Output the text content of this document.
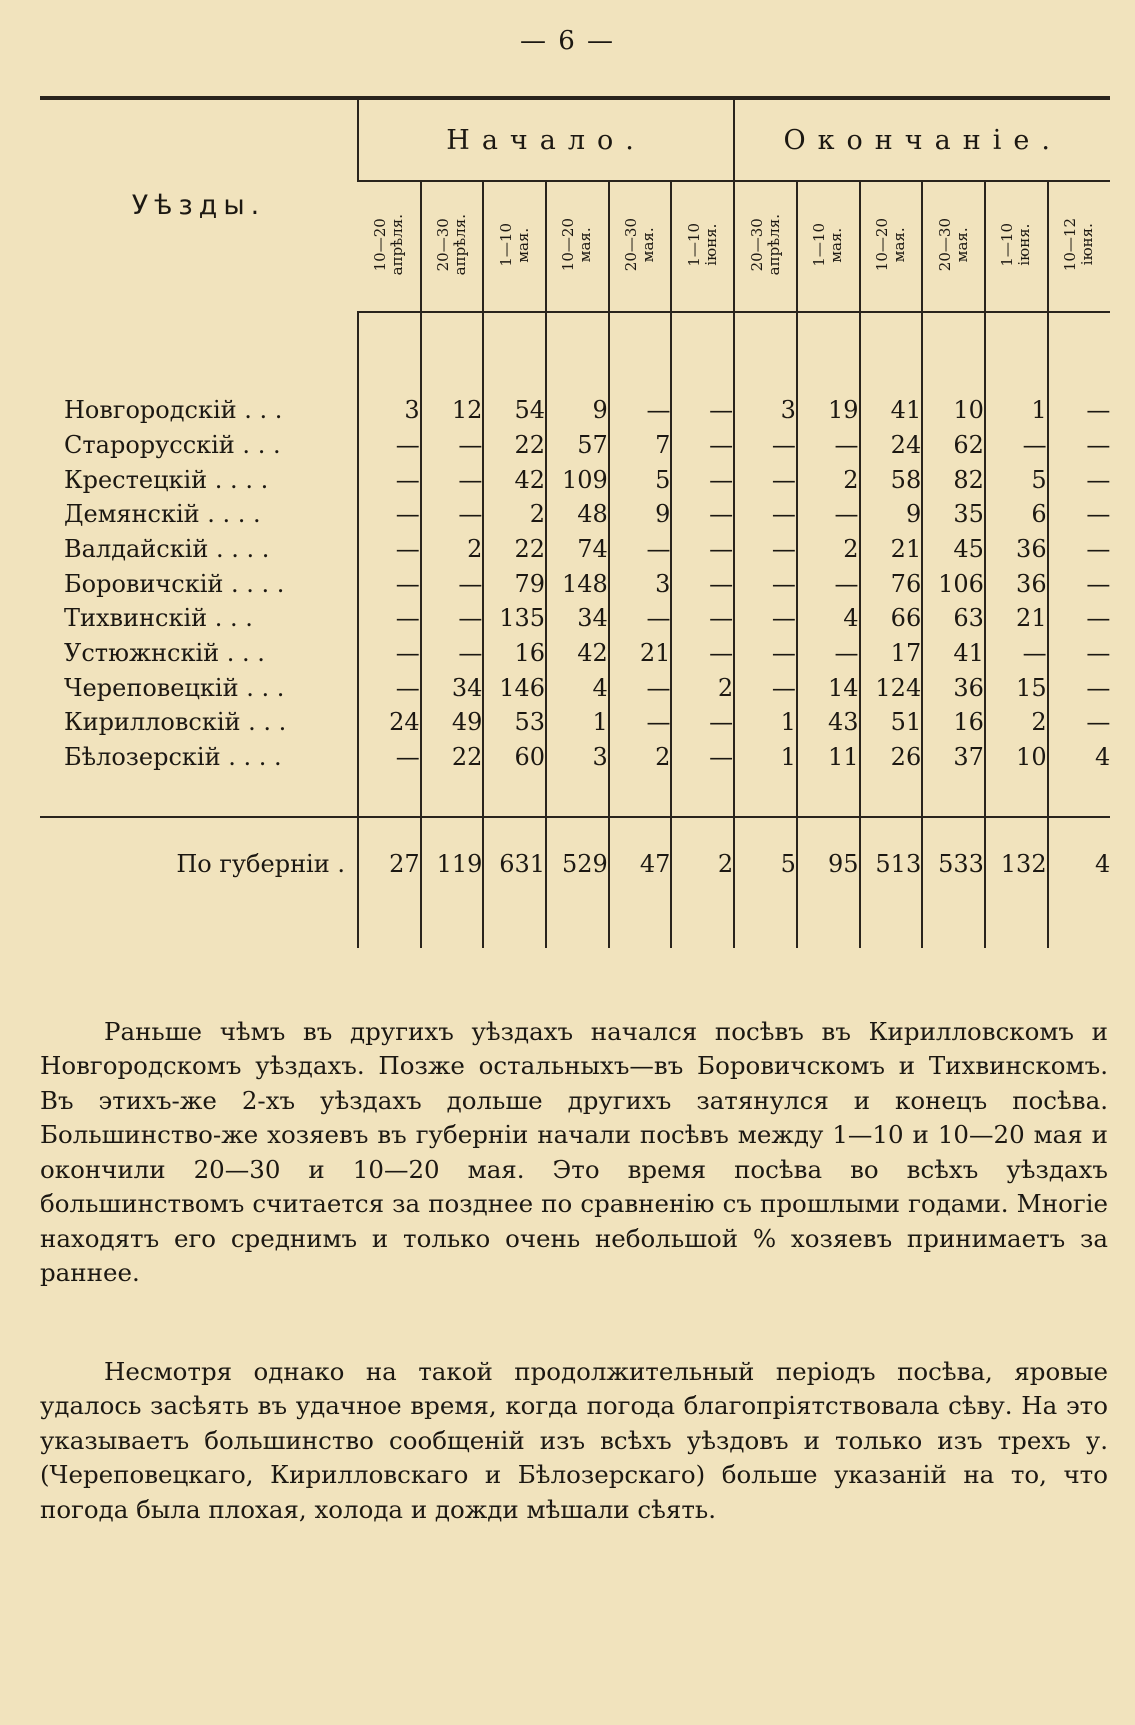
— 6 —
Уѣзды.	Начало.						Окончанiе.					
	10—20
апрѣля.	20—30
апрѣля.	1—10
мая.	10—20
мая.	20—30
мая.	1—10
iюня.	20—30
апрѣля.	1—10
мая.	10—20
мая.	20—30
мая.	1—10
iюня.	10—12
iюня.

Новгородскiй . . .	3	12	54	9	—	—	3	19	41	10	1	—
Старорусскiй . . .	—	—	22	57	7	—	—	—	24	62	—	—
Крестецкiй . . . .	—	—	42	109	5	—	—	2	58	82	5	—
Демянскiй . . . .	—	—	2	48	9	—	—	—	9	35	6	—
Валдайскiй . . . .	—	2	22	74	—	—	—	2	21	45	36	—
Боровичскiй . . . .	—	—	79	148	3	—	—	—	76	106	36	—
Тихвинскiй . . .	—	—	135	34	—	—	—	4	66	63	21	—
Устюжнскiй . . .	—	—	16	42	21	—	—	—	17	41	—	—
Череповецкiй . . .	—	34	146	4	—	2	—	14	124	36	15	—
Кирилловскiй . . .	24	49	53	1	—	—	1	43	51	16	2	—
Бѣлозерскiй . . . .	—	22	60	3	2	—	1	11	26	37	10	4

По губернiи .	27	119	631	529	47	2	5	95	513	533	132	4

Раньше чѣмъ въ другихъ уѣздахъ начался посѣвъ въ Кирилловскомъ и Новгородскомъ уѣздахъ. Позже остальныхъ—въ Боровичскомъ и Тихвинскомъ. Въ этихъ-же 2-хъ уѣздахъ дольше другихъ затянулся и конецъ посѣва. Большинство-же хозяевъ въ губернiи начали посѣвъ между 1—10 и 10—20 мая и окончили 20—30 и 10—20 мая. Это время посѣва во всѣхъ уѣздахъ большинствомъ считается за позднее по сравненiю съ прошлыми годами. Многiе находятъ его среднимъ и только очень небольшой % хозяевъ принимаетъ за раннее.

Несмотря однако на такой продолжительный перiодъ посѣва, яровые удалось засѣять въ удачное время, когда погода благопрiятствовала сѣву. На это указываетъ большинство сообщенiй изъ всѣхъ уѣздовъ и только изъ трехъ у. (Череповецкаго, Кирилловскаго и Бѣлозерскаго) больше указанiй на то, что погода была плохая, холода и дожди мѣшали сѣять.
